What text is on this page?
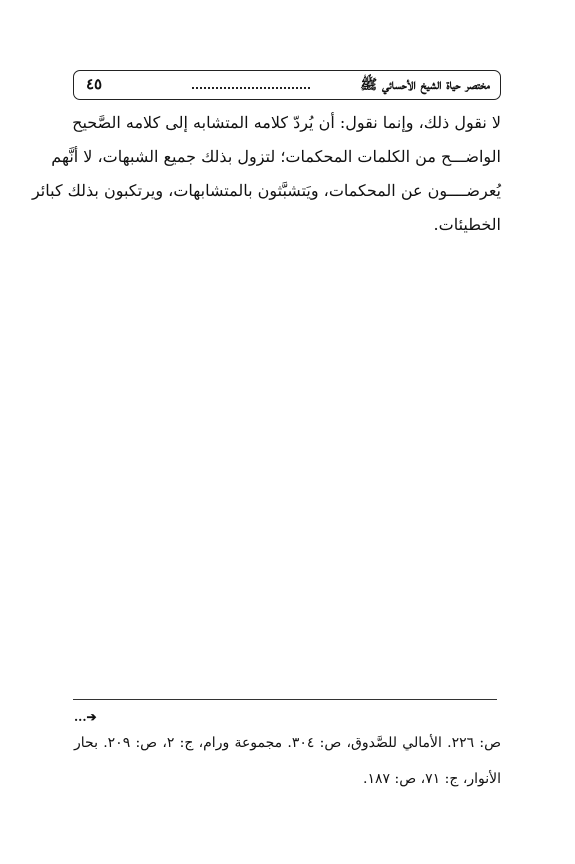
مختصر حياة الشيخ الأحسائي ﷺ
٤٥
لا نقول ذلك، وإنما نقول: أن يُردّ كلامه المتشابه إلى كلامه الصَّحيح
الواضـــح من الكلمات المحكمات؛ لتزول بذلك جميع الشبهات، لا أنَّهم
يُعرضــــون عن المحكمات، ويَتشبَّثون بالمتشابهات، ويرتكبون بذلك كبائر
الخطيئات.
...➔
ص: ٢٢٦. الأمالي للصَّدوق، ص: ٣٠٤. مجموعة ورام، ج: ٢، ص: ٢٠٩. بحار
الأنوار، ج: ٧١، ص: ١٨٧.
